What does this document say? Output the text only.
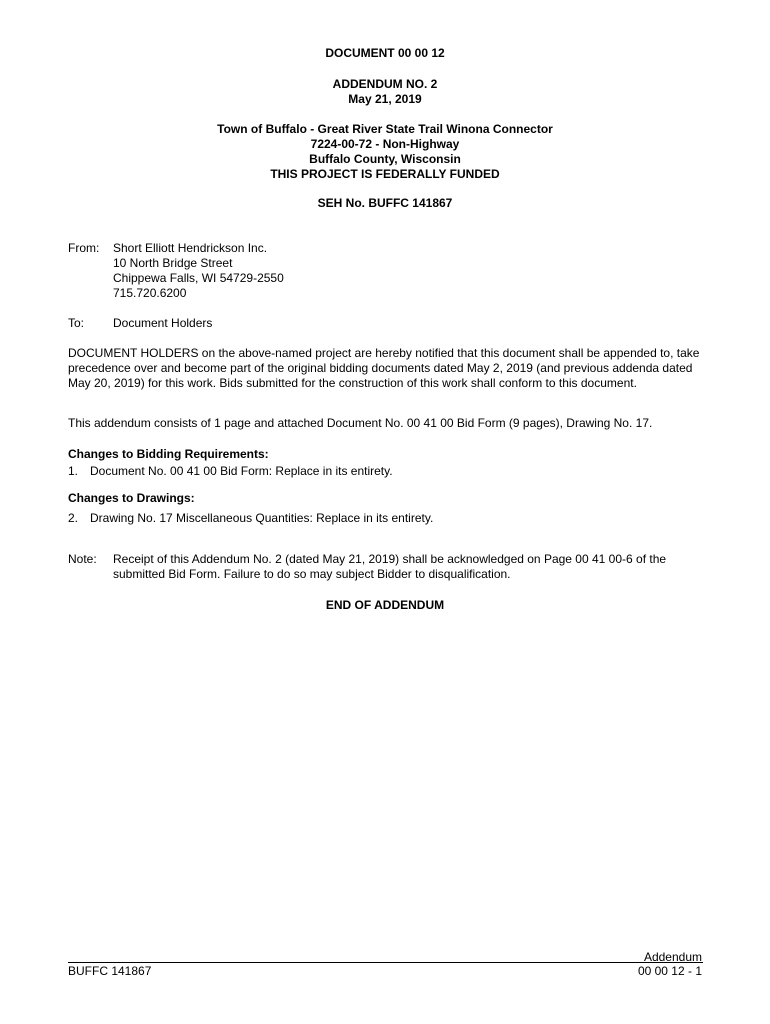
DOCUMENT 00 00 12
ADDENDUM NO. 2
May 21, 2019
Town of Buffalo - Great River State Trail Winona Connector
7224-00-72 - Non-Highway
Buffalo County, Wisconsin
THIS PROJECT IS FEDERALLY FUNDED
SEH No. BUFFC 141867
From: Short Elliott Hendrickson Inc.
10 North Bridge Street
Chippewa Falls, WI 54729-2550
715.720.6200
To: Document Holders
DOCUMENT HOLDERS on the above-named project are hereby notified that this document shall be appended to, take precedence over and become part of the original bidding documents dated May 2, 2019 (and previous addenda dated May 20, 2019) for this work. Bids submitted for the construction of this work shall conform to this document.
This addendum consists of 1 page and attached Document No. 00 41 00 Bid Form (9 pages), Drawing No. 17.
Changes to Bidding Requirements:
1. Document No. 00 41 00 Bid Form: Replace in its entirety.
Changes to Drawings:
2. Drawing No. 17 Miscellaneous Quantities: Replace in its entirety.
Note: Receipt of this Addendum No. 2 (dated May 21, 2019) shall be acknowledged on Page 00 41 00-6 of the submitted Bid Form. Failure to do so may subject Bidder to disqualification.
END OF ADDENDUM
Addendum
BUFFC 141867	00 00 12 - 1
